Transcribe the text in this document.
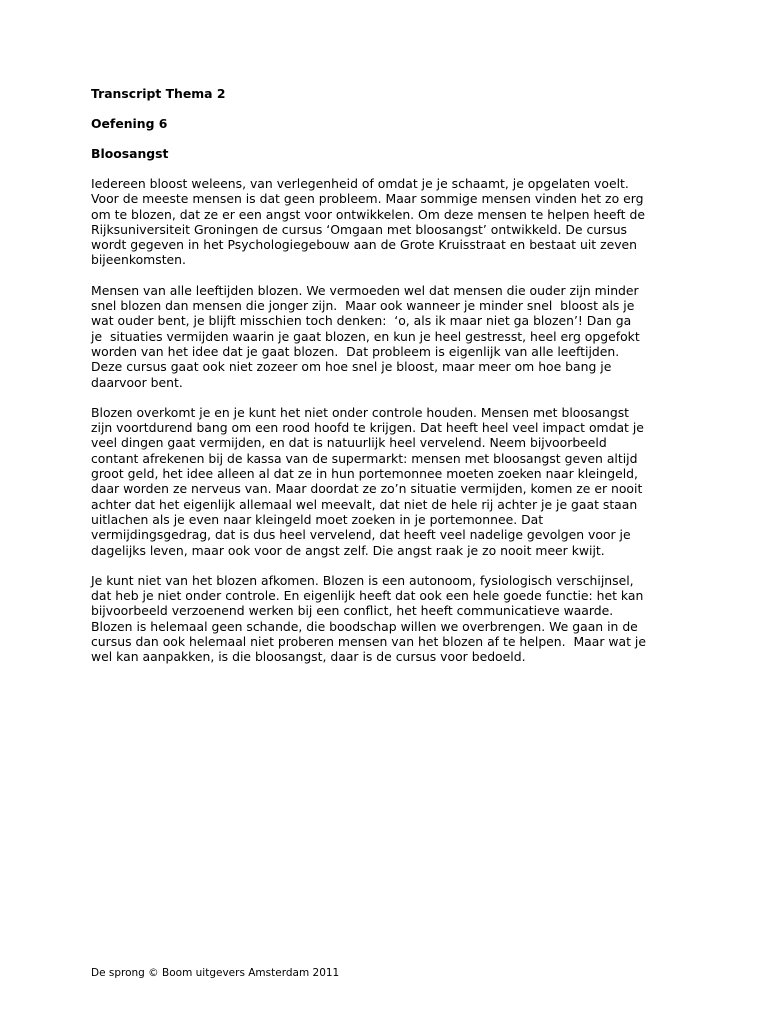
Transcript Thema 2

Oefening 6

Bloosangst

Iedereen bloost weleens, van verlegenheid of omdat je je schaamt, je opgelaten voelt.
Voor de meeste mensen is dat geen probleem. Maar sommige mensen vinden het zo erg
om te blozen, dat ze er een angst voor ontwikkelen. Om deze mensen te helpen heeft de
Rijksuniversiteit Groningen de cursus ‘Omgaan met bloosangst’ ontwikkeld. De cursus
wordt gegeven in het Psychologiegebouw aan de Grote Kruisstraat en bestaat uit zeven
bijeenkomsten.
Mensen van alle leeftijden blozen. We vermoeden wel dat mensen die ouder zijn minder
snel blozen dan mensen die jonger zijn.  Maar ook wanneer je minder snel  bloost als je
wat ouder bent, je blijft misschien toch denken:  ‘o, als ik maar niet ga blozen’! Dan ga
je  situaties vermijden waarin je gaat blozen, en kun je heel gestresst, heel erg opgefokt
worden van het idee dat je gaat blozen.  Dat probleem is eigenlijk van alle leeftijden.
Deze cursus gaat ook niet zozeer om hoe snel je bloost, maar meer om hoe bang je
daarvoor bent.
Blozen overkomt je en je kunt het niet onder controle houden. Mensen met bloosangst
zijn voortdurend bang om een rood hoofd te krijgen. Dat heeft heel veel impact omdat je
veel dingen gaat vermijden, en dat is natuurlijk heel vervelend. Neem bijvoorbeeld
contant afrekenen bij de kassa van de supermarkt: mensen met bloosangst geven altijd
groot geld, het idee alleen al dat ze in hun portemonnee moeten zoeken naar kleingeld,
daar worden ze nerveus van. Maar doordat ze zo’n situatie vermijden, komen ze er nooit
achter dat het eigenlijk allemaal wel meevalt, dat niet de hele rij achter je je gaat staan
uitlachen als je even naar kleingeld moet zoeken in je portemonnee. Dat
vermijdingsgedrag, dat is dus heel vervelend, dat heeft veel nadelige gevolgen voor je
dagelijks leven, maar ook voor de angst zelf. Die angst raak je zo nooit meer kwijt.
Je kunt niet van het blozen afkomen. Blozen is een autonoom, fysiologisch verschijnsel,
dat heb je niet onder controle. En eigenlijk heeft dat ook een hele goede functie: het kan
bijvoorbeeld verzoenend werken bij een conflict, het heeft communicatieve waarde.
Blozen is helemaal geen schande, die boodschap willen we overbrengen. We gaan in de
cursus dan ook helemaal niet proberen mensen van het blozen af te helpen.  Maar wat je
wel kan aanpakken, is die bloosangst, daar is de cursus voor bedoeld.
De sprong © Boom uitgevers Amsterdam 2011
